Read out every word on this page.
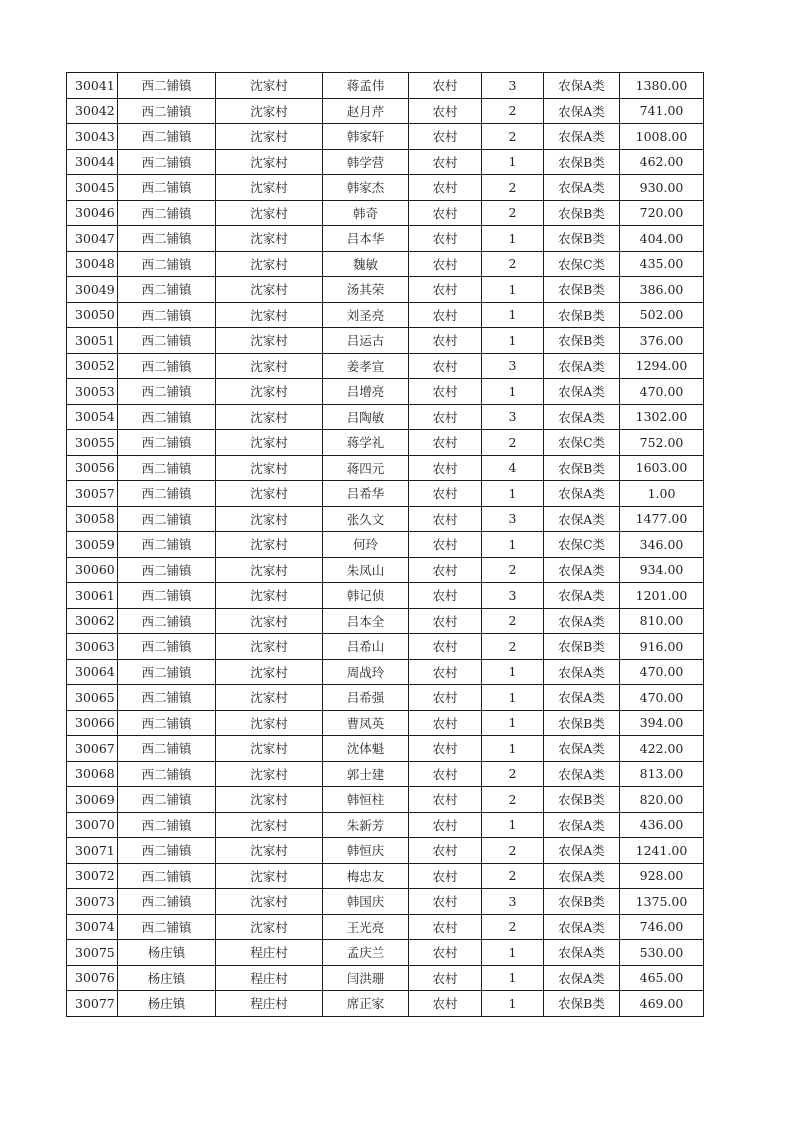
30041	西二铺镇	沈家村	蒋孟伟	农村	3	农保A类	1380.00
30042	西二铺镇	沈家村	赵月芹	农村	2	农保A类	741.00
30043	西二铺镇	沈家村	韩家轩	农村	2	农保A类	1008.00
30044	西二铺镇	沈家村	韩学营	农村	1	农保B类	462.00
30045	西二铺镇	沈家村	韩家杰	农村	2	农保A类	930.00
30046	西二铺镇	沈家村	韩奇	农村	2	农保B类	720.00
30047	西二铺镇	沈家村	吕本华	农村	1	农保B类	404.00
30048	西二铺镇	沈家村	魏敏	农村	2	农保C类	435.00
30049	西二铺镇	沈家村	汤其荣	农村	1	农保B类	386.00
30050	西二铺镇	沈家村	刘圣亮	农村	1	农保B类	502.00
30051	西二铺镇	沈家村	吕运古	农村	1	农保B类	376.00
30052	西二铺镇	沈家村	姜孝宣	农村	3	农保A类	1294.00
30053	西二铺镇	沈家村	吕增亮	农村	1	农保A类	470.00
30054	西二铺镇	沈家村	吕陶敏	农村	3	农保A类	1302.00
30055	西二铺镇	沈家村	蒋学礼	农村	2	农保C类	752.00
30056	西二铺镇	沈家村	蒋四元	农村	4	农保B类	1603.00
30057	西二铺镇	沈家村	吕希华	农村	1	农保A类	1.00
30058	西二铺镇	沈家村	张久文	农村	3	农保A类	1477.00
30059	西二铺镇	沈家村	何玲	农村	1	农保C类	346.00
30060	西二铺镇	沈家村	朱凤山	农村	2	农保A类	934.00
30061	西二铺镇	沈家村	韩记侦	农村	3	农保A类	1201.00
30062	西二铺镇	沈家村	吕本全	农村	2	农保A类	810.00
30063	西二铺镇	沈家村	吕希山	农村	2	农保B类	916.00
30064	西二铺镇	沈家村	周战玲	农村	1	农保A类	470.00
30065	西二铺镇	沈家村	吕希强	农村	1	农保A类	470.00
30066	西二铺镇	沈家村	曹凤英	农村	1	农保B类	394.00
30067	西二铺镇	沈家村	沈体魁	农村	1	农保A类	422.00
30068	西二铺镇	沈家村	郭士建	农村	2	农保A类	813.00
30069	西二铺镇	沈家村	韩恒柱	农村	2	农保B类	820.00
30070	西二铺镇	沈家村	朱新芳	农村	1	农保A类	436.00
30071	西二铺镇	沈家村	韩恒庆	农村	2	农保A类	1241.00
30072	西二铺镇	沈家村	梅忠友	农村	2	农保A类	928.00
30073	西二铺镇	沈家村	韩国庆	农村	3	农保B类	1375.00
30074	西二铺镇	沈家村	王光亮	农村	2	农保A类	746.00
30075	杨庄镇	程庄村	孟庆兰	农村	1	农保A类	530.00
30076	杨庄镇	程庄村	闫洪珊	农村	1	农保A类	465.00
30077	杨庄镇	程庄村	席正家	农村	1	农保B类	469.00
